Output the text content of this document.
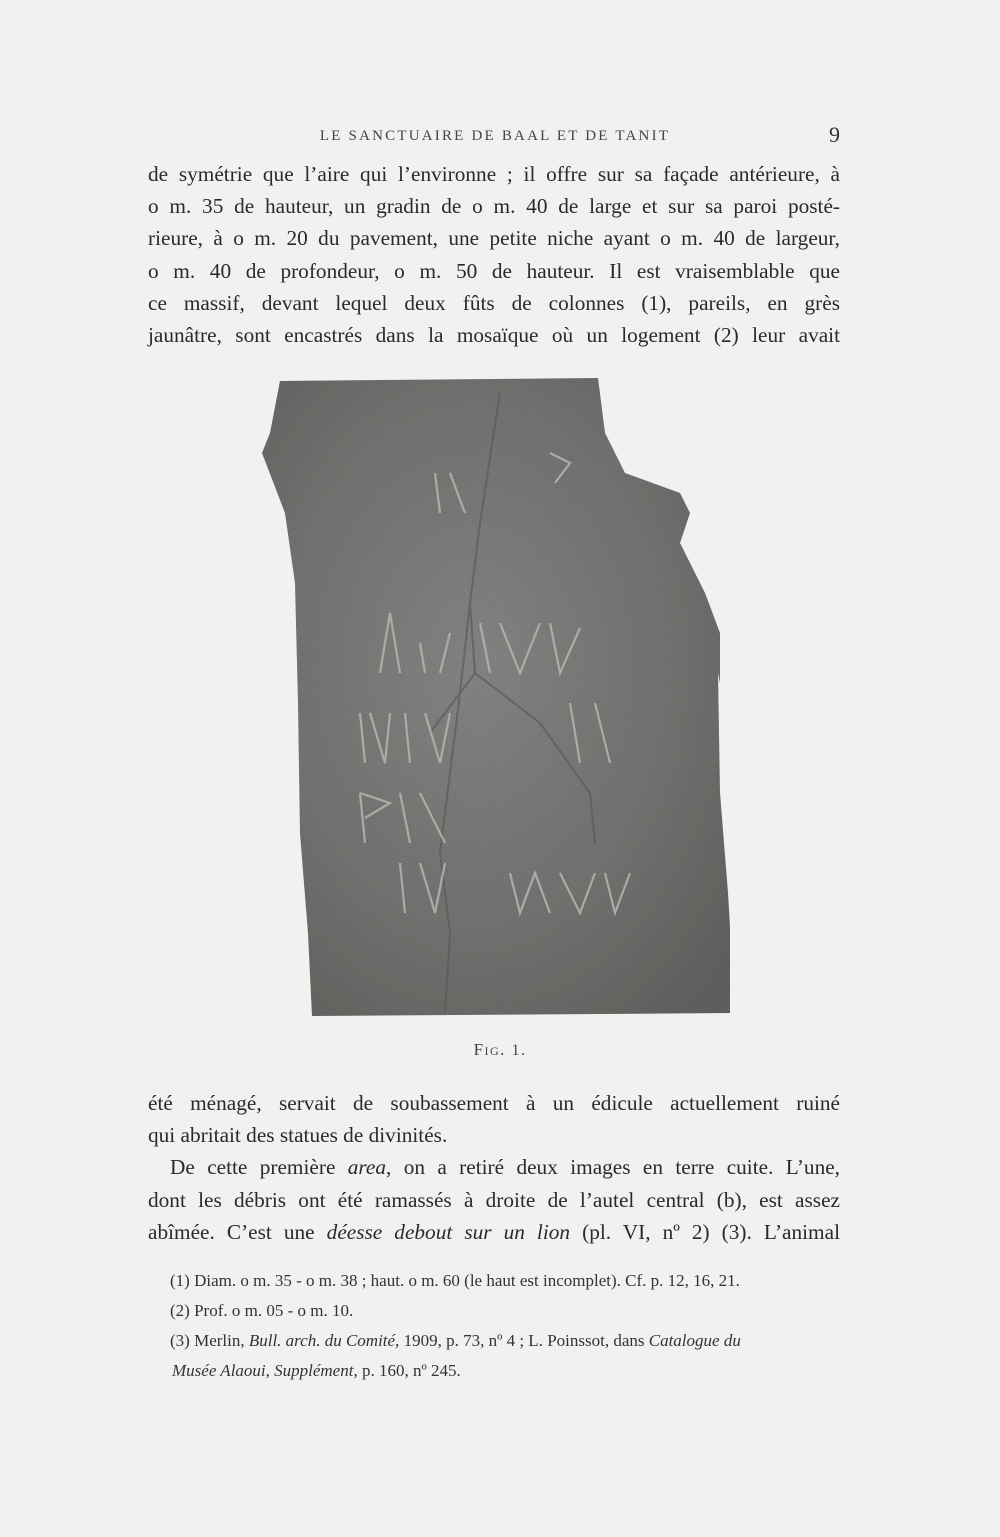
LE SANCTUAIRE DE BAAL ET DE TANIT	9
de symétrie que l’aire qui l’environne ; il offre sur sa façade antérieure, à
o m. 35 de hauteur, un gradin de o m. 40 de large et sur sa paroi posté-
rieure, à o m. 20 du pavement, une petite niche ayant o m. 40 de largeur,
o m. 40 de profondeur, o m. 50 de hauteur. Il est vraisemblable que
ce massif, devant lequel deux fûts de colonnes (1), pareils, en grès
jaunâtre, sont encastrés dans la mosaïque où un logement (2) leur avait
Fig. 1.
été ménagé, servait de soubassement à un édicule actuellement ruiné
qui abritait des statues de divinités.
De cette première area, on a retiré deux images en terre cuite. L’une,
dont les débris ont été ramassés à droite de l’autel central (b), est assez
abîmée. C’est une déesse debout sur un lion (pl. VI, nº 2) (3). L’animal
(1) Diam. o m. 35 - o m. 38 ; haut. o m. 60 (le haut est incomplet). Cf. p. 12, 16, 21.
(2) Prof. o m. 05 - o m. 10.
(3) Merlin, Bull. arch. du Comité, 1909, p. 73, nº 4 ; L. Poinssot, dans Catalogue du
Musée Alaoui, Supplément, p. 160, nº 245.
